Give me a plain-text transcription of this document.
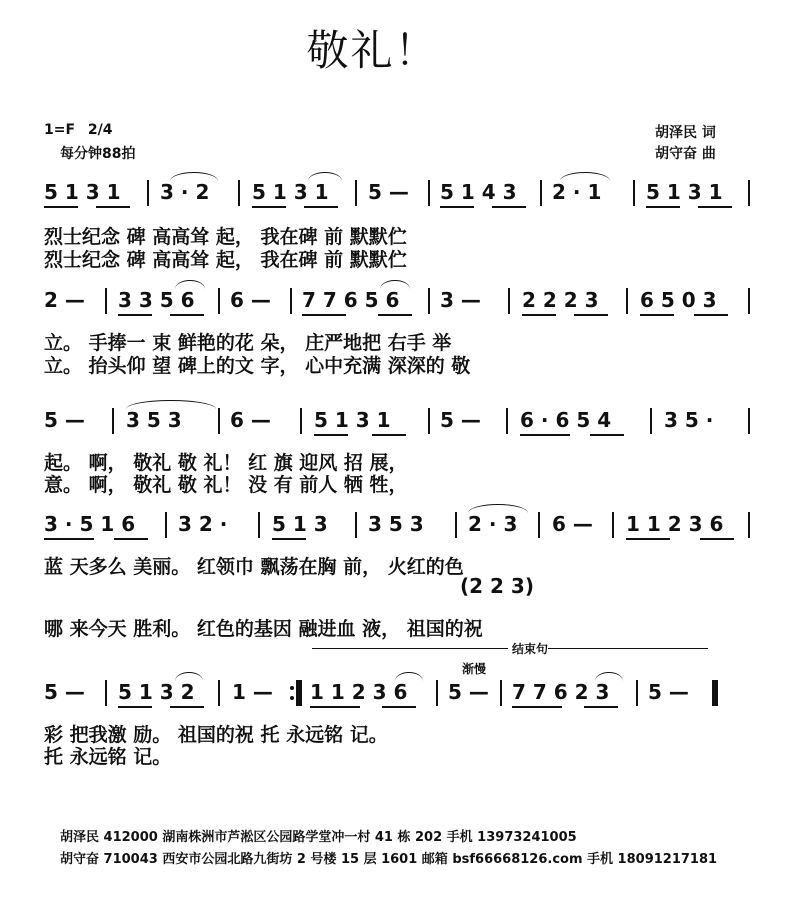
敬礼！
1=F 2/4
每分钟88拍
胡泽民 词
胡守奋 曲
5 1 3 1 3 · 2 5 1 3 1 5 — 5 1 4 3 2 · 1 5 1 3 1
烈士纪念 碑 高高耸 起， 我在碑 前 默默伫
烈士纪念 碑 高高耸 起， 我在碑 前 默默伫
2 — 3 3 5 6 6 — 7 7 6 5 6 3 — 2 2 2 3 6 5 0 3
立。 手捧一 束 鲜艳的花 朵， 庄严地把 右手 举
立。 抬头仰 望 碑上的文 字， 心中充满 深深的 敬
5 — 3 5 3 6 — 5 1 3 1 5 — 6 · 6 5 4	3 5 ·
起。 啊， 敬礼 敬 礼！ 红 旗 迎风 招 展，
意。 啊， 敬礼 敬 礼！ 没 有 前人 牺 牲，
3 · 5 1 6 3 2 · 5 1 3 3 5 3 2 · 3 6 — 1 1 2 3 6
蓝 天多么 美丽。 红领巾 飘荡在胸 前， 火红的色
(2 2 3)
哪 来今天 胜利。 红色的基因 融进血 液， 祖国的祝
结束句
渐慢
5 — 5 1 3 2 1 — 1 1 2 3 6 5 — 7 7 6 2 3 5 —
彩 把我激 励。 祖国的祝 托 永远铭 记。
托 永远铭 记。
胡泽民 412000 湖南株洲市芦淞区公园路学堂冲一村 41 栋 202 手机 13973241005
胡守奋 710043 西安市公园北路九街坊 2 号楼 15 层 1601 邮箱 bsf66668126.com 手机 18091217181
